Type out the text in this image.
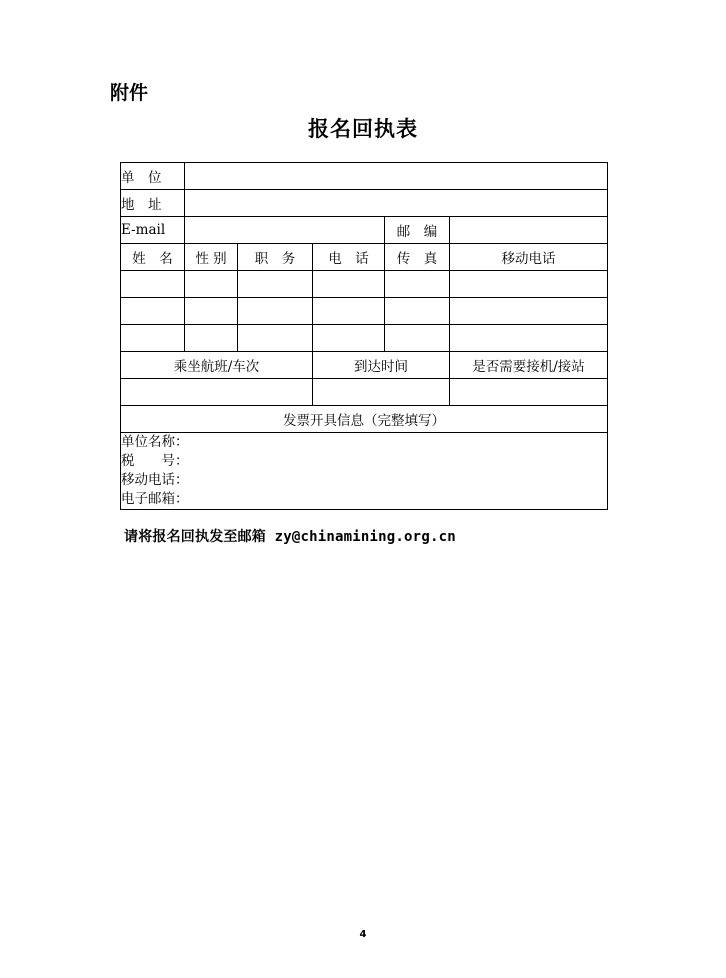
附件
报名回执表
单　位					
地　址					
E-mail				邮　编	
姓　名	性 别	职　务	电　话	传　真	移动电话

乘坐航班/车次			到达时间		是否需要接机/接站

发票开具信息（完整填写）					

单位名称：
税　　号：
移动电话：
电子邮箱：					
请将报名回执发至邮箱 zy@chinamining.org.cn
4
